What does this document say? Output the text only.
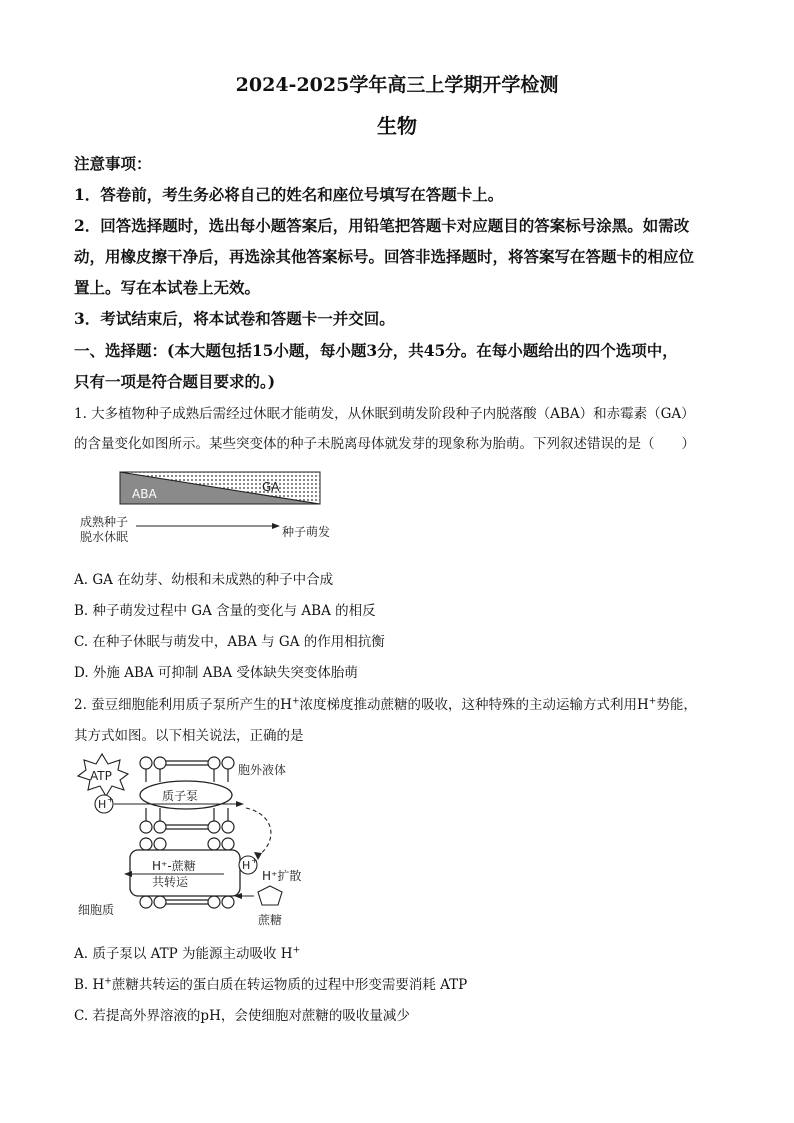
2024-2025学年高三上学期开学检测
生物
注意事项：
1．答卷前，考生务必将自己的姓名和座位号填写在答题卡上。
2．回答选择题时，选出每小题答案后，用铅笔把答题卡对应题目的答案标号涂黑。如需改
动，用橡皮擦干净后，再选涂其他答案标号。回答非选择题时，将答案写在答题卡的相应位
置上。写在本试卷上无效。
3．考试结束后，将本试卷和答题卡一并交回。
一、选择题：(本大题包括15小题，每小题3分，共45分。在每小题给出的四个选项中，
只有一项是符合题目要求的。)
1. 大多植物种子成熟后需经过休眠才能萌发，从休眠到萌发阶段种子内脱落酸（ABA）和赤霉素（GA）
的含量变化如图所示。某些突变体的种子未脱离母体就发芽的现象称为胎萌。下列叙述错误的是（　　）
ABA	GA
成熟种子
脱水休眠	种子萌发
A. GA 在幼芽、幼根和未成熟的种子中合成
B. 种子萌发过程中 GA 含量的变化与 ABA 的相反
C. 在种子休眠与萌发中，ABA 与 GA 的作用相抗衡
D. 外施 ABA 可抑制 ABA 受体缺失突变体胎萌
2. 蚕豆细胞能利用质子泵所产生的H+浓度梯度推动蔗糖的吸收，这种特殊的主动运输方式利用H+势能，
其方式如图。以下相关说法，正确的是
质子泵
胞外液体
ATP
H +
H⁺-蔗糖
共转运
H +
H⁺扩散
蔗糖
细胞质
A. 质子泵以 ATP 为能源主动吸收 H+
B. H+蔗糖共转运的蛋白质在转运物质的过程中形变需要消耗 ATP
C. 若提高外界溶液的pH，会使细胞对蔗糖的吸收量减少
